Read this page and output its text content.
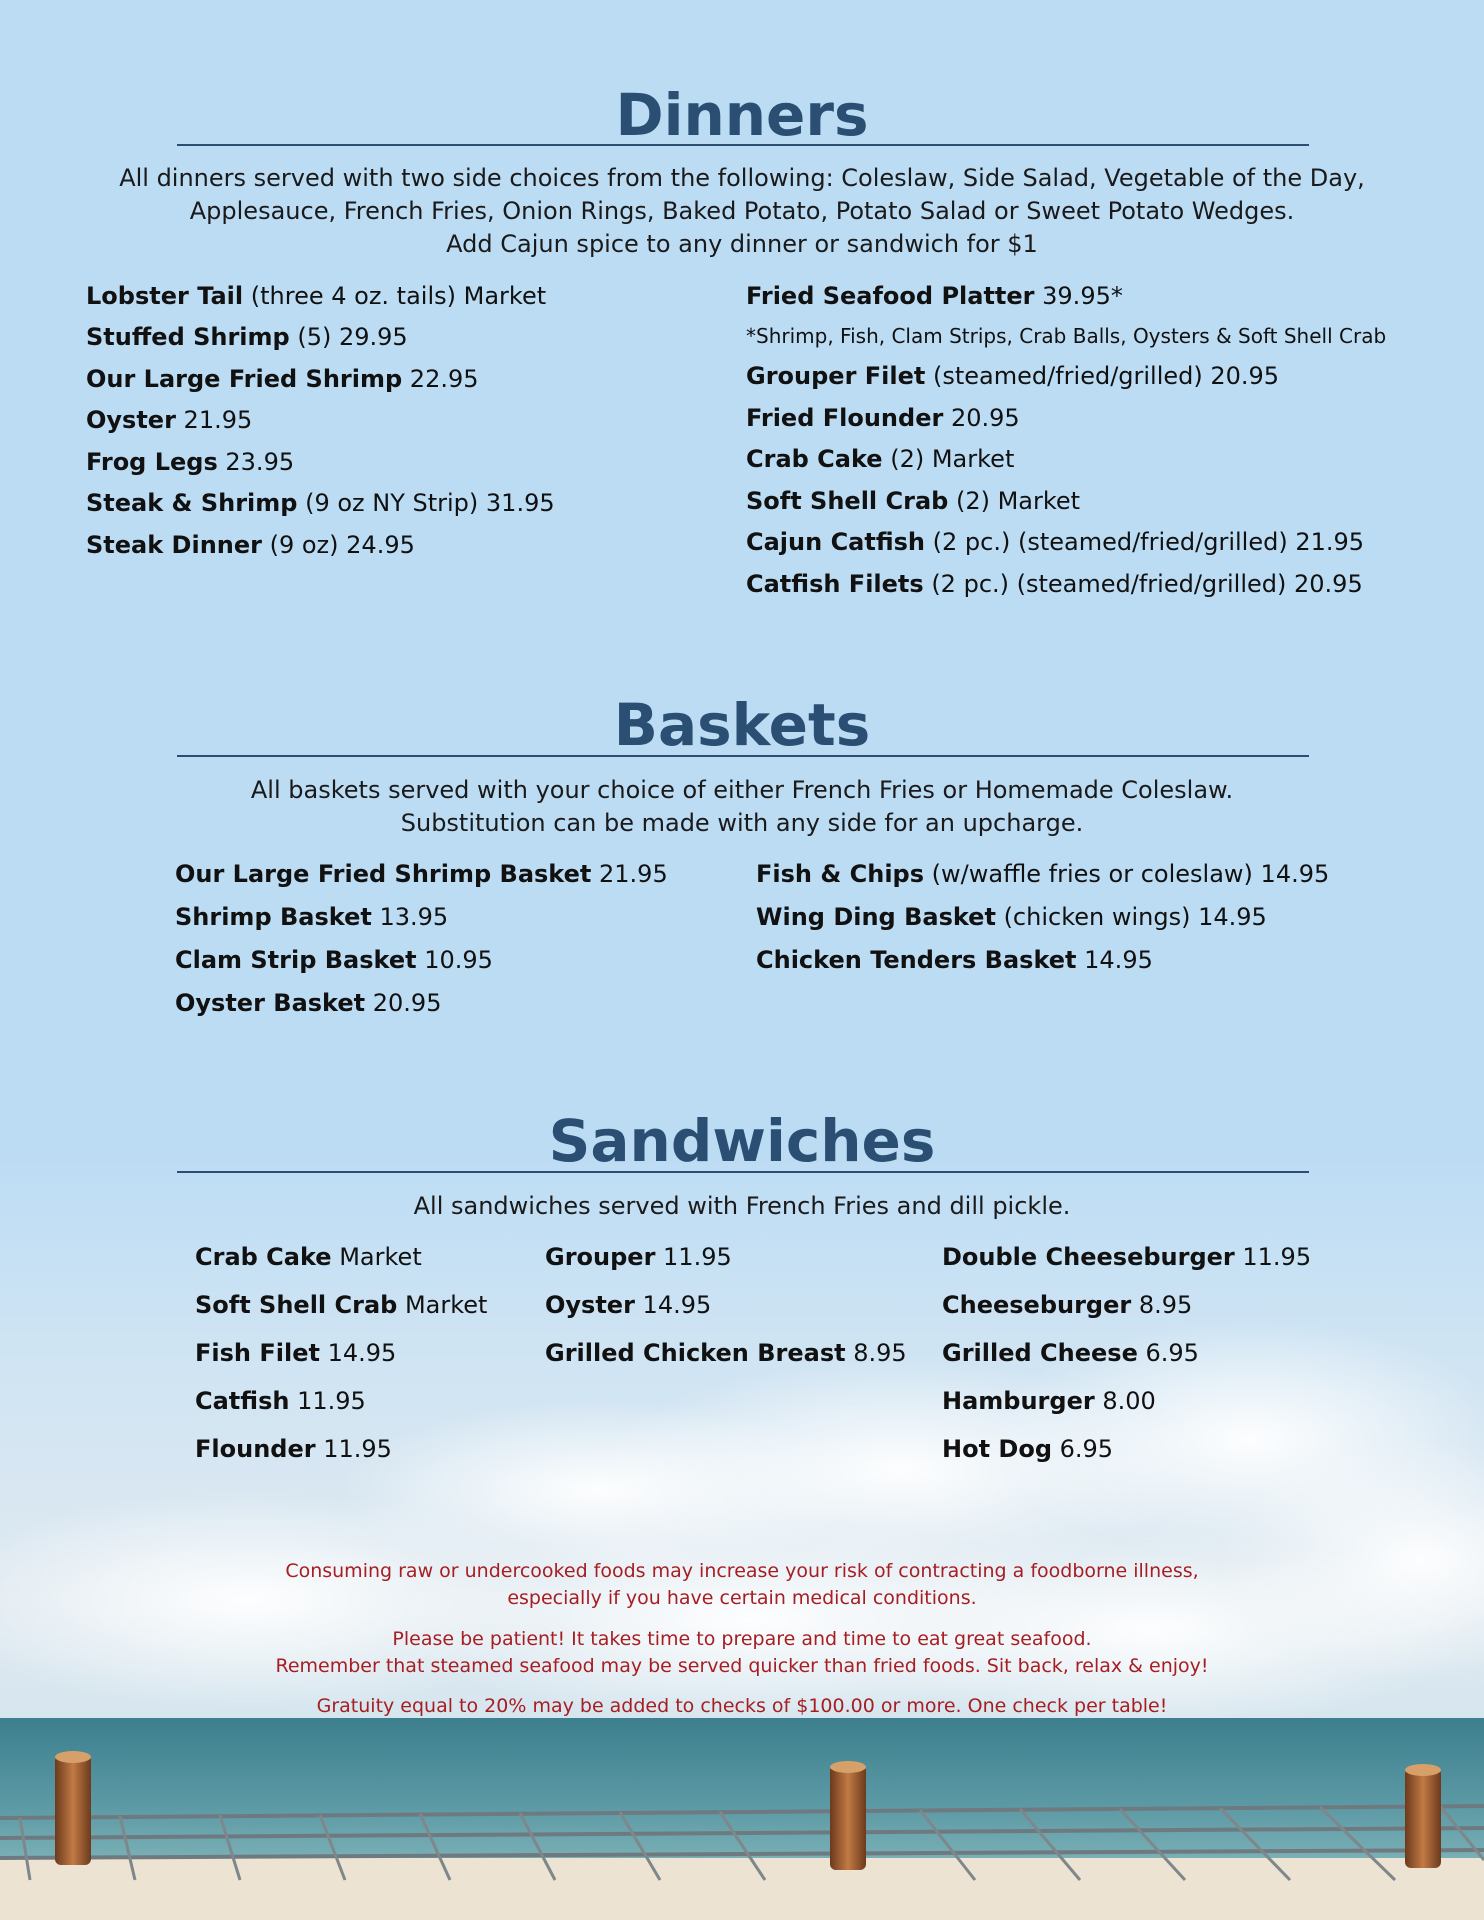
Dinners
All dinners served with two side choices from the following: Coleslaw, Side Salad, Vegetable of the Day,
Applesauce, French Fries, Onion Rings, Baked Potato, Potato Salad or Sweet Potato Wedges.
Add Cajun spice to any dinner or sandwich for $1
Lobster Tail (three 4 oz. tails) Market
Stuffed Shrimp (5) 29.95
Our Large Fried Shrimp 22.95
Oyster 21.95
Frog Legs 23.95
Steak & Shrimp (9 oz NY Strip) 31.95
Steak Dinner (9 oz) 24.95
Fried Seafood Platter 39.95*
*Shrimp, Fish, Clam Strips, Crab Balls, Oysters & Soft Shell Crab
Grouper Filet (steamed/fried/grilled) 20.95
Fried Flounder 20.95
Crab Cake (2) Market
Soft Shell Crab (2) Market
Cajun Catfish (2 pc.) (steamed/fried/grilled) 21.95
Catfish Filets (2 pc.) (steamed/fried/grilled) 20.95
Baskets
All baskets served with your choice of either French Fries or Homemade Coleslaw.
Substitution can be made with any side for an upcharge.
Our Large Fried Shrimp Basket 21.95
Shrimp Basket 13.95
Clam Strip Basket 10.95
Oyster Basket 20.95
Fish & Chips (w/waffle fries or coleslaw) 14.95
Wing Ding Basket (chicken wings) 14.95
Chicken Tenders Basket 14.95
Sandwiches
All sandwiches served with French Fries and dill pickle.
Crab Cake Market
Soft Shell Crab Market
Fish Filet 14.95
Catfish 11.95
Flounder 11.95
Grouper 11.95
Oyster 14.95
Grilled Chicken Breast 8.95
Double Cheeseburger 11.95
Cheeseburger 8.95
Grilled Cheese 6.95
Hamburger 8.00
Hot Dog 6.95
Consuming raw or undercooked foods may increase your risk of contracting a foodborne illness,
especially if you have certain medical conditions.
Please be patient! It takes time to prepare and time to eat great seafood.
Remember that steamed seafood may be served quicker than fried foods. Sit back, relax & enjoy!
Gratuity equal to 20% may be added to checks of $100.00 or more. One check per table!
